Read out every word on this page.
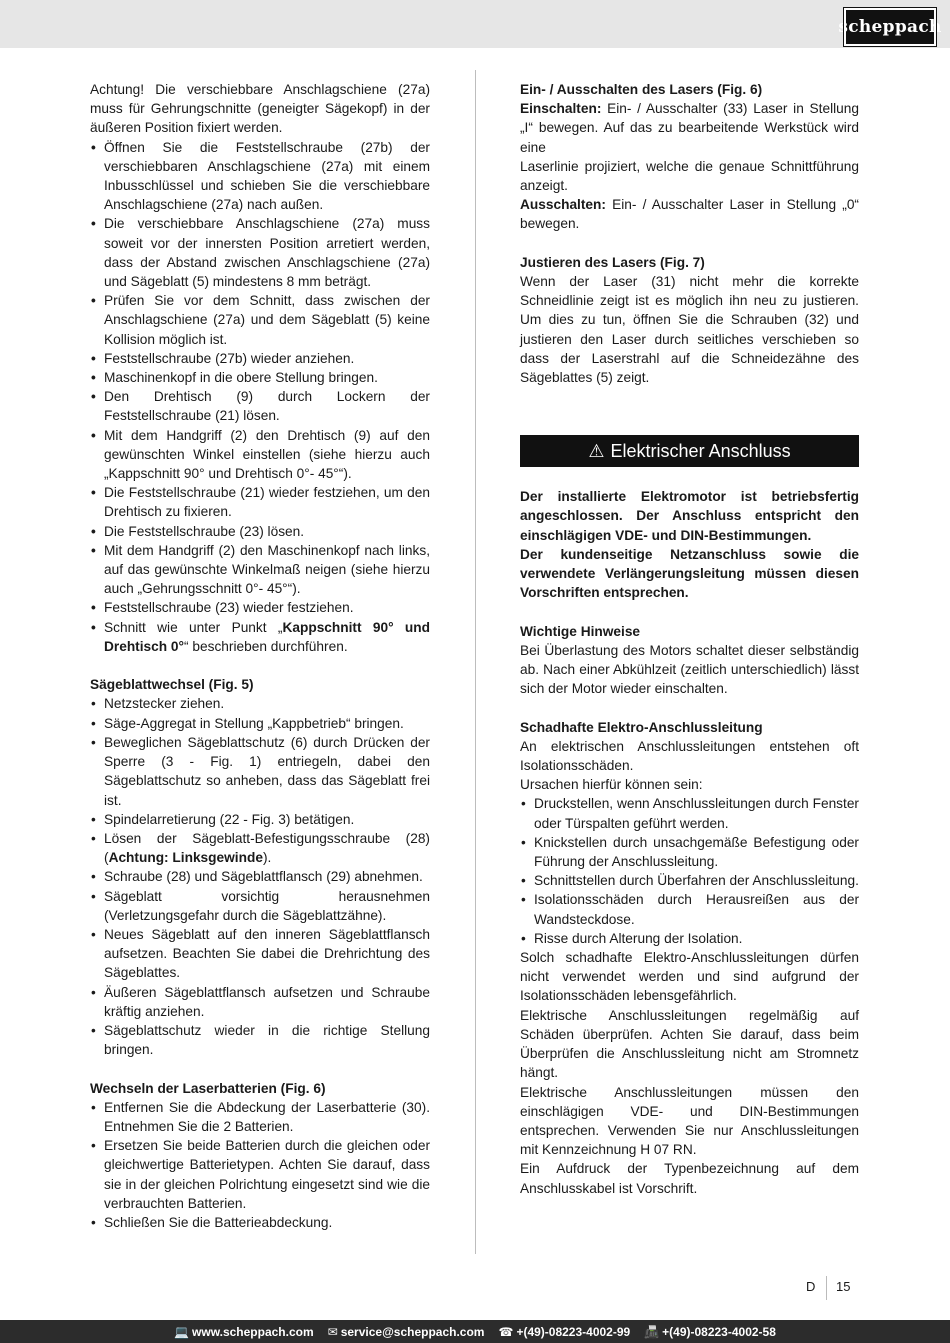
scheppach

Achtung! Die verschiebbare Anschlagschiene (27a) muss für Gehrungschnitte (geneigter Sägekopf) in der äußeren Position fixiert werden.

• Öffnen Sie die Feststellschraube (27b) der verschiebbaren Anschlagschiene (27a) mit einem Inbusschlüssel und schieben Sie die verschiebbare Anschlagschiene (27a) nach außen.
• Die verschiebbare Anschlagschiene (27a) muss soweit vor der innersten Position arretiert werden, dass der Abstand zwischen Anschlagschiene (27a) und Sägeblatt (5) mindestens 8 mm beträgt.
• Prüfen Sie vor dem Schnitt, dass zwischen der Anschlagschiene (27a) und dem Sägeblatt (5) keine Kollision möglich ist.
• Feststellschraube (27b) wieder anziehen.
• Maschinenkopf in die obere Stellung bringen.
• Den Drehtisch (9) durch Lockern der Feststellschraube (21) lösen.
• Mit dem Handgriff (2) den Drehtisch (9) auf den gewünschten Winkel einstellen (siehe hierzu auch „Kappschnitt 90° und Drehtisch 0°- 45°“).
• Die Feststellschraube (21) wieder festziehen, um den Drehtisch zu fixieren.
• Die Feststellschraube (23) lösen.
• Mit dem Handgriff (2) den Maschinenkopf nach links, auf das gewünschte Winkelmaß neigen (siehe hierzu auch „Gehrungsschnitt 0°- 45°“).
• Feststellschraube (23) wieder festziehen.
• Schnitt wie unter Punkt „Kappschnitt 90° und Drehtisch 0°“ beschrieben durchführen.

Sägeblattwechsel (Fig. 5)

• Netzstecker ziehen.
• Säge-Aggregat in Stellung „Kappbetrieb“ bringen.
• Beweglichen Sägeblattschutz (6) durch Drücken der Sperre (3 - Fig. 1) entriegeln, dabei den Sägeblattschutz so anheben, dass das Sägeblatt frei ist.
• Spindelarretierung (22 - Fig. 3) betätigen.
• Lösen der Sägeblatt-Befestigungsschraube (28) (Achtung: Linksgewinde).
• Schraube (28) und Sägeblattflansch (29) abnehmen.
• Sägeblatt vorsichtig herausnehmen (Verletzungsgefahr durch die Sägeblattzähne).
• Neues Sägeblatt auf den inneren Sägeblattflansch aufsetzen. Beachten Sie dabei die Drehrichtung des Sägeblattes.
• Äußeren Sägeblattflansch aufsetzen und Schraube kräftig anziehen.
• Sägeblattschutz wieder in die richtige Stellung bringen.

Wechseln der Laserbatterien (Fig. 6)

• Entfernen Sie die Abdeckung der Laserbatterie (30). Entnehmen Sie die 2 Batterien.
• Ersetzen Sie beide Batterien durch die gleichen oder gleichwertige Batterietypen. Achten Sie darauf, dass sie in der gleichen Polrichtung eingesetzt sind wie die verbrauchten Batterien.
• Schließen Sie die Batterieabdeckung.

Ein- / Ausschalten des Lasers (Fig. 6)

Einschalten: Ein- / Ausschalter (33) Laser in Stellung „I“ bewegen. Auf das zu bearbeitende Werkstück wird eine

Laserlinie projiziert, welche die genaue Schnittführung anzeigt.

Ausschalten: Ein- / Ausschalter Laser in Stellung „0“ bewegen.

Justieren des Lasers (Fig. 7)

Wenn der Laser (31) nicht mehr die korrekte Schneidlinie zeigt ist es möglich ihn neu zu justieren. Um dies zu tun, öffnen Sie die Schrauben (32) und justieren den Laser durch seitliches verschieben so dass der Laserstrahl auf die Schneidezähne des Sägeblattes (5) zeigt.

⚠ Elektrischer Anschluss

Der installierte Elektromotor ist betriebsfertig angeschlossen. Der Anschluss entspricht den einschlägigen VDE- und DIN-Bestimmungen.

Der kundenseitige Netzanschluss sowie die verwendete Verlängerungsleitung müssen diesen Vorschriften entsprechen.

Wichtige Hinweise

Bei Überlastung des Motors schaltet dieser selbständig ab. Nach einer Abkühlzeit (zeitlich unterschiedlich) lässt sich der Motor wieder einschalten.

Schadhafte Elektro-Anschlussleitung

An elektrischen Anschlussleitungen entstehen oft Isolationsschäden.

Ursachen hierfür können sein:

• Druckstellen, wenn Anschlussleitungen durch Fenster oder Türspalten geführt werden.
• Knickstellen durch unsachgemäße Befestigung oder Führung der Anschlussleitung.
• Schnittstellen durch Überfahren der Anschlussleitung.
• Isolationsschäden durch Herausreißen aus der Wandsteckdose.
• Risse durch Alterung der Isolation.

Solch schadhafte Elektro-Anschlussleitungen dürfen nicht verwendet werden und sind aufgrund der Isolationsschäden lebensgefährlich.

Elektrische Anschlussleitungen regelmäßig auf Schäden überprüfen. Achten Sie darauf, dass beim Überprüfen die Anschlussleitung nicht am Stromnetz hängt.

Elektrische Anschlussleitungen müssen den einschlägigen VDE- und DIN-Bestimmungen entsprechen. Verwenden Sie nur Anschlussleitungen mit Kennzeichnung H 07 RN.

Ein Aufdruck der Typenbezeichnung auf dem Anschlusskabel ist Vorschrift.

D 15
💻 www.scheppach.com ✉ service@scheppach.com ☎ +(49)-08223-4002-99 📠 +(49)-08223-4002-58
